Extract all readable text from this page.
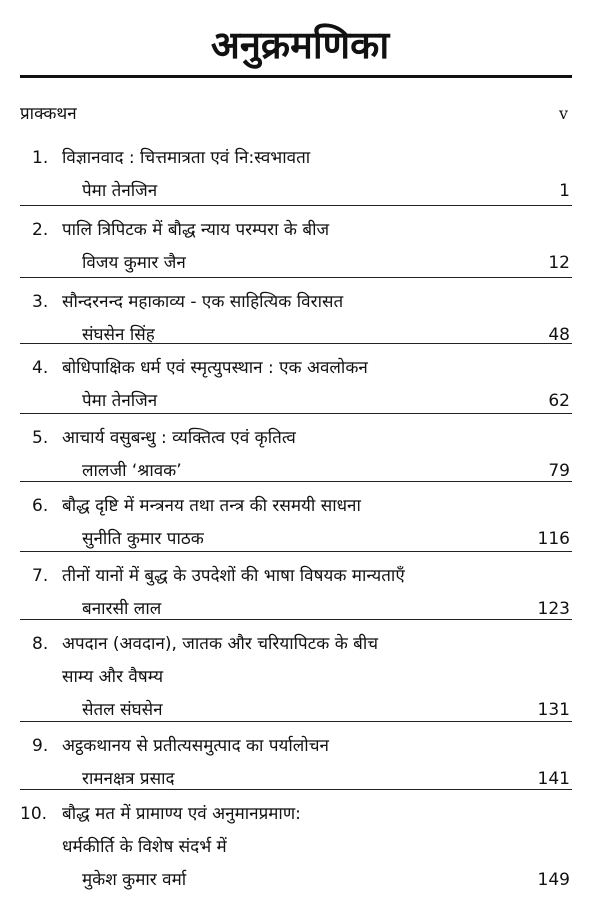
अनुक्रमणिका
प्राक्कथन	v
1. विज्ञानवाद : चित्तमात्रता एवं नि:स्वभावता
पेमा तेनजिन	1
2. पालि त्रिपिटक में बौद्ध न्याय परम्परा के बीज
विजय कुमार जैन	12
3. सौन्दरनन्द महाकाव्य - एक साहित्यिक विरासत
संघसेन सिंह	48
4. बोधिपाक्षिक धर्म एवं स्मृत्युपस्थान : एक अवलोकन
पेमा तेनजिन	62
5. आचार्य वसुबन्धु : व्यक्तित्व एवं कृतित्व
लालजी ‘श्रावक’	79
6. बौद्ध दृष्टि में मन्त्रनय तथा तन्त्र की रसमयी साधना
सुनीति कुमार पाठक	116
7. तीनों यानों में बुद्ध के उपदेशों की भाषा विषयक मान्यताएँ
बनारसी लाल	123
8. अपदान (अवदान), जातक और चरियापिटक के बीच
साम्य और वैषम्य
सेतल संघसेन	131
9. अट्ठकथानय से प्रतीत्यसमुत्पाद का पर्यालोचन
रामनक्षत्र प्रसाद	141
10. बौद्ध मत में प्रामाण्य एवं अनुमानप्रमाण:
धर्मकीर्ति के विशेष संदर्भ में
मुकेश कुमार वर्मा	149
